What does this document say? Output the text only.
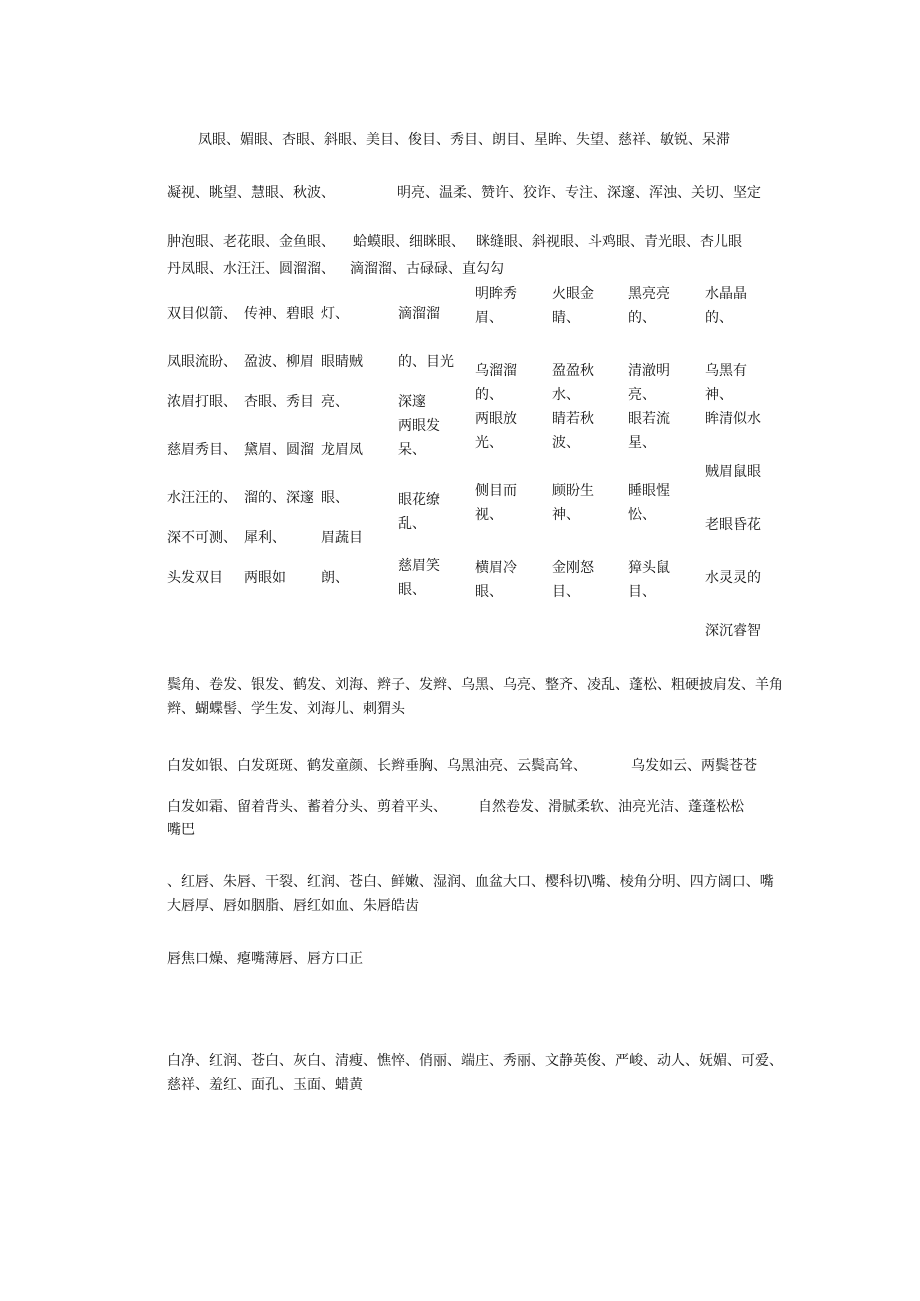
凤眼、媚眼、杏眼、斜眼、美目、俊目、秀目、朗目、星眸、失望、慈祥、敏锐、呆滞
凝视、眺望、慧眼、秋波、	明亮、温柔、赞许、狡诈、专注、深邃、浑浊、关切、坚定
肿泡眼、老花眼、金鱼眼、 蛤蟆眼、细眯眼、 眯缝眼、斜视眼、斗鸡眼、青光眼、杏儿眼
丹凤眼、水汪汪、圆溜溜、 滴溜溜、古碌碌、直勾勾
双目似箭、
凤眼流盼、
浓眉打眼、
慈眉秀目、
水汪汪的、
深不可测、
头发双目
传神、碧眼
盈波、柳眉
杏眼、秀目
黛眉、圆溜
溜的、深邃
犀利、
两眼如
灯、
眼睛贼
亮、
龙眉凤
眼、
眉蔬目
朗、
滴溜溜
的、目光
深邃
两眼发
呆、
眼花缭
乱、
慈眉笑
眼、
明眸秀
眉、
乌溜溜
的、
两眼放
光、
侧目而
视、
横眉冷
眼、
火眼金
睛、
盈盈秋
水、
睛若秋
波、
顾盼生
神、
金刚怒
目、
黑亮亮
的、
清澈明
亮、
眼若流
星、
睡眼惺
忪、
獐头鼠
目、
水晶晶
的、
乌黑有
神、
眸清似水
贼眉鼠眼
老眼昏花
水灵灵的
深沉睿智
鬓角、卷发、银发、鹤发、刘海、辫子、发辫、乌黑、乌亮、整齐、凌乱、蓬松、粗硬披肩发、羊角
辫、蝴蝶髻、学生发、刘海儿、刺猬头
白发如银、白发斑斑、鹤发童颜、长辫垂胸、乌黑油亮、云鬓高耸、	乌发如云、两鬓苍苍
白发如霜、留着背头、蓄着分头、剪着平头、 自然卷发、滑腻柔软、油亮光洁、蓬蓬松松
嘴巴
、红唇、朱唇、干裂、红润、苍白、鲜嫩、湿润、血盆大口、樱科切\嘴、棱角分明、四方阔口、嘴
大唇厚、唇如胭脂、唇红如血、朱唇皓齿
唇焦口燥、瘪嘴薄唇、唇方口正
白净、红润、苍白、灰白、清瘦、憔悴、俏丽、端庄、秀丽、文静英俊、严峻、动人、妩媚、可爱、
慈祥、羞红、面孔、玉面、蜡黄
